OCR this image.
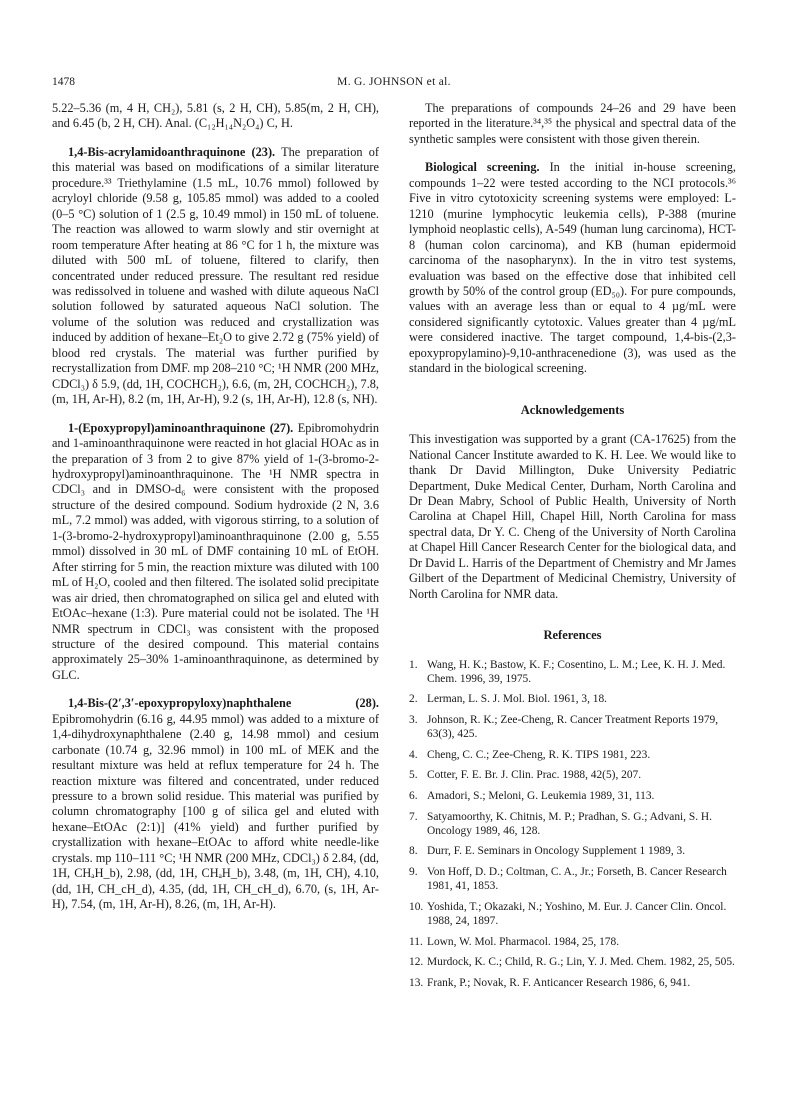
1478	M. G. JOHNSON et al.

5.22–5.36 (m, 4 H, CH₂), 5.81 (s, 2 H, CH), 5.85(m, 2 H, CH), and 6.45 (b, 2 H, CH). Anal. (C₁₂H₁₄N₂O₄) C, H.

1,4-Bis-acrylamidoanthraquinone (23). The preparation of this material was based on modifications of a similar literature procedure.³³ Triethylamine (1.5 mL, 10.76 mmol) followed by acryloyl chloride (9.58 g, 105.85 mmol) was added to a cooled (0–5 °C) solution of 1 (2.5 g, 10.49 mmol) in 150 mL of toluene. The reaction was allowed to warm slowly and stir overnight at room temperature After heating at 86 °C for 1 h, the mixture was diluted with 500 mL of toluene, filtered to clarify, then concentrated under reduced pressure. The resultant red residue was redissolved in toluene and washed with dilute aqueous NaCl solution followed by saturated aqueous NaCl solution. The volume of the solution was reduced and crystallization was induced by addition of hexane–Et₂O to give 2.72 g (75% yield) of blood red crystals. The material was further purified by recrystallization from DMF. mp 208–210 °C; ¹H NMR (200 MHz, CDCl₃) δ 5.9, (dd, 1H, COCHCH₂), 6.6, (m, 2H, COCHCH₂), 7.8, (m, 1H, Ar-H), 8.2 (m, 1H, Ar-H), 9.2 (s, 1H, Ar-H), 12.8 (s, NH).

1-(Epoxypropyl)aminoanthraquinone (27). Epibromohydrin and 1-aminoanthraquinone were reacted in hot glacial HOAc as in the preparation of 3 from 2 to give 87% yield of 1-(3-bromo-2-hydroxypropyl)aminoanthraquinone. The ¹H NMR spectra in CDCl₃ and in DMSO-d₆ were consistent with the proposed structure of the desired compound. Sodium hydroxide (2 N, 3.6 mL, 7.2 mmol) was added, with vigorous stirring, to a solution of 1-(3-bromo-2-hydroxypropyl)aminoanthraquinone (2.00 g, 5.55 mmol) dissolved in 30 mL of DMF containing 10 mL of EtOH. After stirring for 5 min, the reaction mixture was diluted with 100 mL of H₂O, cooled and then filtered. The isolated solid precipitate was air dried, then chromatographed on silica gel and eluted with EtOAc–hexane (1:3). Pure material could not be isolated. The ¹H NMR spectrum in CDCl₃ was consistent with the proposed structure of the desired compound. This material contains approximately 25–30% 1-aminoanthraquinone, as determined by GLC.

1,4-Bis-(2′,3′-epoxypropyloxy)naphthalene (28). Epibromohydrin (6.16 g, 44.95 mmol) was added to a mixture of 1,4-dihydroxynaphthalene (2.40 g, 14.98 mmol) and cesium carbonate (10.74 g, 32.96 mmol) in 100 mL of MEK and the resultant mixture was held at reflux temperature for 24 h. The reaction mixture was filtered and concentrated, under reduced pressure to a brown solid residue. This material was purified by column chromatography [100 g of silica gel and eluted with hexane–EtOAc (2:1)] (41% yield) and further purified by crystallization with hexane–EtOAc to afford white needle-like crystals. mp 110–111 °C; ¹H NMR (200 MHz, CDCl₃) δ 2.84, (dd, 1H, CHₐH_b), 2.98, (dd, 1H, CHₐH_b), 3.48, (m, 1H, CH), 4.10, (dd, 1H, CH_cH_d), 4.35, (dd, 1H, CH_cH_d), 6.70, (s, 1H, Ar-H), 7.54, (m, 1H, Ar-H), 8.26, (m, 1H, Ar-H).

The preparations of compounds 24–26 and 29 have been reported in the literature.³⁴,³⁵ the physical and spectral data of the synthetic samples were consistent with those given therein.

Biological screening. In the initial in-house screening, compounds 1–22 were tested according to the NCI protocols.³⁶ Five in vitro cytotoxicity screening systems were employed: L-1210 (murine lymphocytic leukemia cells), P-388 (murine lymphoid neoplastic cells), A-549 (human lung carcinoma), HCT-8 (human colon carcinoma), and KB (human epidermoid carcinoma of the nasopharynx). In the in vitro test systems, evaluation was based on the effective dose that inhibited cell growth by 50% of the control group (ED₅₀). For pure compounds, values with an average less than or equal to 4 µg/mL were considered significantly cytotoxic. Values greater than 4 µg/mL were considered inactive. The target compound, 1,4-bis-(2,3-epoxypropylamino)-9,10-anthracenedione (3), was used as the standard in the biological screening.

Acknowledgements

This investigation was supported by a grant (CA-17625) from the National Cancer Institute awarded to K. H. Lee. We would like to thank Dr David Millington, Duke University Pediatric Department, Duke Medical Center, Durham, North Carolina and Dr Dean Mabry, School of Public Health, University of North Carolina at Chapel Hill, Chapel Hill, North Carolina for mass spectral data, Dr Y. C. Cheng of the University of North Carolina at Chapel Hill Cancer Research Center for the biological data, and Dr David L. Harris of the Department of Chemistry and Mr James Gilbert of the Department of Medicinal Chemistry, University of North Carolina for NMR data.

References
1. Wang, H. K.; Bastow, K. F.; Cosentino, L. M.; Lee, K. H. J. Med. Chem. 1996, 39, 1975.
2. Lerman, L. S. J. Mol. Biol. 1961, 3, 18.
3. Johnson, R. K.; Zee-Cheng, R. Cancer Treatment Reports 1979, 63(3), 425.
4. Cheng, C. C.; Zee-Cheng, R. K. TIPS 1981, 223.
5. Cotter, F. E. Br. J. Clin. Prac. 1988, 42(5), 207.
6. Amadori, S.; Meloni, G. Leukemia 1989, 31, 113.
7. Satyamoorthy, K. Chitnis, M. P.; Pradhan, S. G.; Advani, S. H. Oncology 1989, 46, 128.
8. Durr, F. E. Seminars in Oncology Supplement 1 1989, 3.
9. Von Hoff, D. D.; Coltman, C. A., Jr.; Forseth, B. Cancer Research 1981, 41, 1853.
10. Yoshida, T.; Okazaki, N.; Yoshino, M. Eur. J. Cancer Clin. Oncol. 1988, 24, 1897.
11. Lown, W. Mol. Pharmacol. 1984, 25, 178.
12. Murdock, K. C.; Child, R. G.; Lin, Y. J. Med. Chem. 1982, 25, 505.
13. Frank, P.; Novak, R. F. Anticancer Research 1986, 6, 941.
